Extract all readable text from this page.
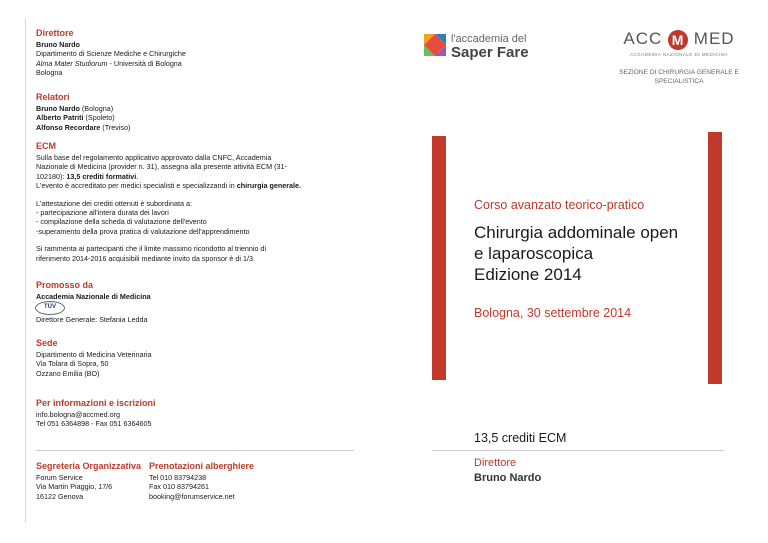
Direttore
Bruno Nardo
Dipartimento di Scienze Mediche e Chirurgiche
Alma Mater Studiorum - Università di Bologna
Bologna
Relatori
Bruno Nardo (Bologna)
Alberto Patriti (Spoleto)
Alfonso Recordare (Treviso)
ECM
Sulla base del regolamento applicativo approvato dalla CNFC, Accademia
Nazionale di Medicina (provider n. 31), assegna alla presente attività ECM (31-
102180): 13,5 crediti formativi.
L'evento è accreditato per medici specialisti e specializzandi in chirurgia generale.
L'attestazione dei crediti ottenuti è subordinata a:
- partecipazione all'intera durata dei lavori
- compilazione della scheda di valutazione dell'evento
-superamento della prova pratica di valutazione dell'apprendimento
Si rammenta ai partecipanti che il limite massimo ricondotto al triennio di
riferimento 2014-2016 acquisibili mediante invito da sponsor è di 1/3.
Promosso da
Accademia Nazionale di Medicina
TÜV
Direttore Generale: Stefania Ledda
Sede
Dipartimento di Medicina Veterinaria
Via Tolara di Sopra, 50
Ozzano Emilia (BO)
Per informazioni e iscrizioni
info.bologna@accmed.org
Tel 051 6364898 - Fax 051 6364605
Segreteria Organizzativa
Forum Service
Via Martin Piaggio, 17/6
16122 Genova
Prenotazioni alberghiere
Tel 010 83794238
Fax 010 83794261
booking@forumservice.net
l'accademia del
Saper Fare
ACC M MED
ACCADEMIA NAZIONALE DI MEDICINA
SEZIONE DI CHIRURGIA GENERALE E
SPECIALISTICA
Corso avanzato teorico-pratico
Chirurgia addominale open
e laparoscopica
Edizione 2014
Bologna, 30 settembre 2014
13,5 crediti ECM
Direttore
Bruno Nardo
